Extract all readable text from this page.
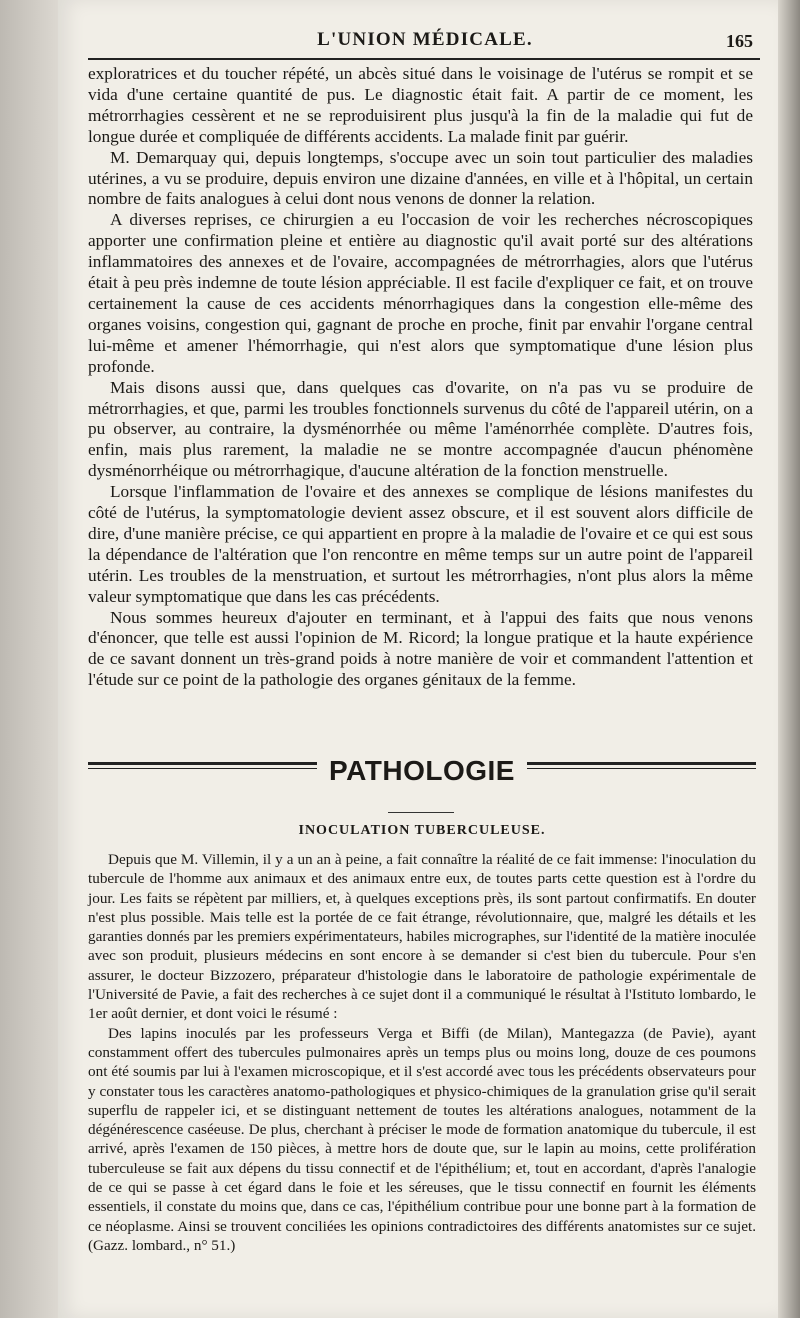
L'UNION MÉDICALE.	165

exploratrices et du toucher répété, un abcès situé dans le voisinage de l'utérus se rompit et se vida d'une certaine quantité de pus. Le diagnostic était fait. A partir de ce moment, les métrorrhagies cessèrent et ne se reproduisirent plus jusqu'à la fin de la maladie qui fut de longue durée et compliquée de différents accidents. La malade finit par guérir.

M. Demarquay qui, depuis longtemps, s'occupe avec un soin tout particulier des maladies utérines, a vu se produire, depuis environ une dizaine d'années, en ville et à l'hôpital, un certain nombre de faits analogues à celui dont nous venons de donner la relation.

A diverses reprises, ce chirurgien a eu l'occasion de voir les recherches nécroscopiques apporter une confirmation pleine et entière au diagnostic qu'il avait porté sur des altérations inflammatoires des annexes et de l'ovaire, accompagnées de métrorrhagies, alors que l'utérus était à peu près indemne de toute lésion appréciable. Il est facile d'expliquer ce fait, et on trouve certainement la cause de ces accidents ménorrhagiques dans la congestion elle-même des organes voisins, congestion qui, gagnant de proche en proche, finit par envahir l'organe central lui-même et amener l'hémorrhagie, qui n'est alors que symptomatique d'une lésion plus profonde.

Mais disons aussi que, dans quelques cas d'ovarite, on n'a pas vu se produire de métrorrhagies, et que, parmi les troubles fonctionnels survenus du côté de l'appareil utérin, on a pu observer, au contraire, la dysménorrhée ou même l'aménorrhée complète. D'autres fois, enfin, mais plus rarement, la maladie ne se montre accompagnée d'aucun phénomène dysménorrhéique ou métrorrhagique, d'aucune altération de la fonction menstruelle.

Lorsque l'inflammation de l'ovaire et des annexes se complique de lésions manifestes du côté de l'utérus, la symptomatologie devient assez obscure, et il est souvent alors difficile de dire, d'une manière précise, ce qui appartient en propre à la maladie de l'ovaire et ce qui est sous la dépendance de l'altération que l'on rencontre en même temps sur un autre point de l'appareil utérin. Les troubles de la menstruation, et surtout les métrorrhagies, n'ont plus alors la même valeur symptomatique que dans les cas précédents.

Nous sommes heureux d'ajouter en terminant, et à l'appui des faits que nous venons d'énoncer, que telle est aussi l'opinion de M. Ricord; la longue pratique et la haute expérience de ce savant donnent un très-grand poids à notre manière de voir et commandent l'attention et l'étude sur ce point de la pathologie des organes génitaux de la femme.

PATHOLOGIE
INOCULATION TUBERCULEUSE.

Depuis que M. Villemin, il y a un an à peine, a fait connaître la réalité de ce fait immense: l'inoculation du tubercule de l'homme aux animaux et des animaux entre eux, de toutes parts cette question est à l'ordre du jour. Les faits se répètent par milliers, et, à quelques exceptions près, ils sont partout confirmatifs. En douter n'est plus possible. Mais telle est la portée de ce fait étrange, révolutionnaire, que, malgré les détails et les garanties donnés par les premiers expérimentateurs, habiles micrographes, sur l'identité de la matière inoculée avec son produit, plusieurs médecins en sont encore à se demander si c'est bien du tubercule. Pour s'en assurer, le docteur Bizzozero, préparateur d'histologie dans le laboratoire de pathologie expérimentale de l'Université de Pavie, a fait des recherches à ce sujet dont il a communiqué le résultat à l'Istituto lombardo, le 1er août dernier, et dont voici le résumé :

Des lapins inoculés par les professeurs Verga et Biffi (de Milan), Mantegazza (de Pavie), ayant constamment offert des tubercules pulmonaires après un temps plus ou moins long, douze de ces poumons ont été soumis par lui à l'examen microscopique, et il s'est accordé avec tous les précédents observateurs pour y constater tous les caractères anatomo-pathologiques et physico-chimiques de la granulation grise qu'il serait superflu de rappeler ici, et se distinguant nettement de toutes les altérations analogues, notamment de la dégénérescence caséeuse. De plus, cherchant à préciser le mode de formation anatomique du tubercule, il est arrivé, après l'examen de 150 pièces, à mettre hors de doute que, sur le lapin au moins, cette prolifération tuberculeuse se fait aux dépens du tissu connectif et de l'épithélium; et, tout en accordant, d'après l'analogie de ce qui se passe à cet égard dans le foie et les séreuses, que le tissu connectif en fournit les éléments essentiels, il constate du moins que, dans ce cas, l'épithélium contribue pour une bonne part à la formation de ce néoplasme. Ainsi se trouvent conciliées les opinions contradictoires des différents anatomistes sur ce sujet. (Gazz. lombard., n° 51.)
